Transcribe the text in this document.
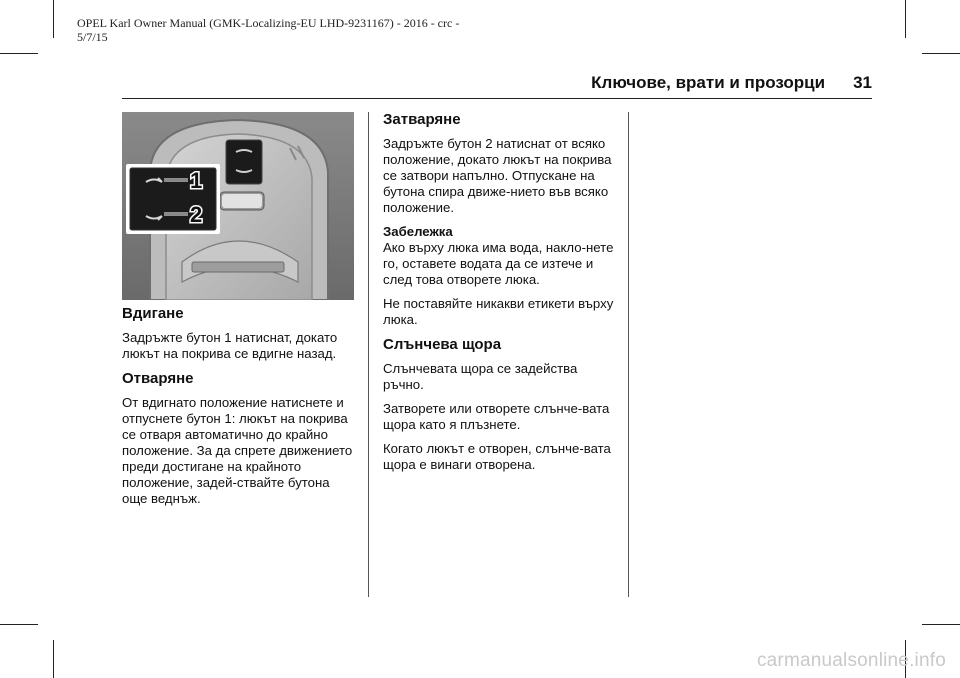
OPEL Karl Owner Manual (GMK-Localizing-EU LHD-9231167) - 2016 - crc -
5/7/15
Ключове, врати и прозорци 31
1
2
Вдигане

Задръжте бутон 1 натиснат, докато люкът на покрива се вдигне назад.

Отваряне

От вдигнато положение натиснете и отпуснете бутон 1: люкът на покрива се отваря автоматично до крайно положение. За да спрете движението преди достигане на крайното положение, задей-ствайте бутона още веднъж.

Затваряне

Задръжте бутон 2 натиснат от всяко положение, докато люкът на покрива се затвори напълно. Отпускане на бутона спира движе-нието във всяко положение.

Забележка

Ако върху люка има вода, накло-нете го, оставете водата да се изтече и след това отворете люка.

Не поставяйте никакви етикети върху люка.

Слънчева щора

Слънчевата щора се задейства ръчно.

Затворете или отворете слънче-вата щора като я плъзнете.

Когато люкът е отворен, слънче-вата щора е винаги отворена.

carmanualsonline.info
